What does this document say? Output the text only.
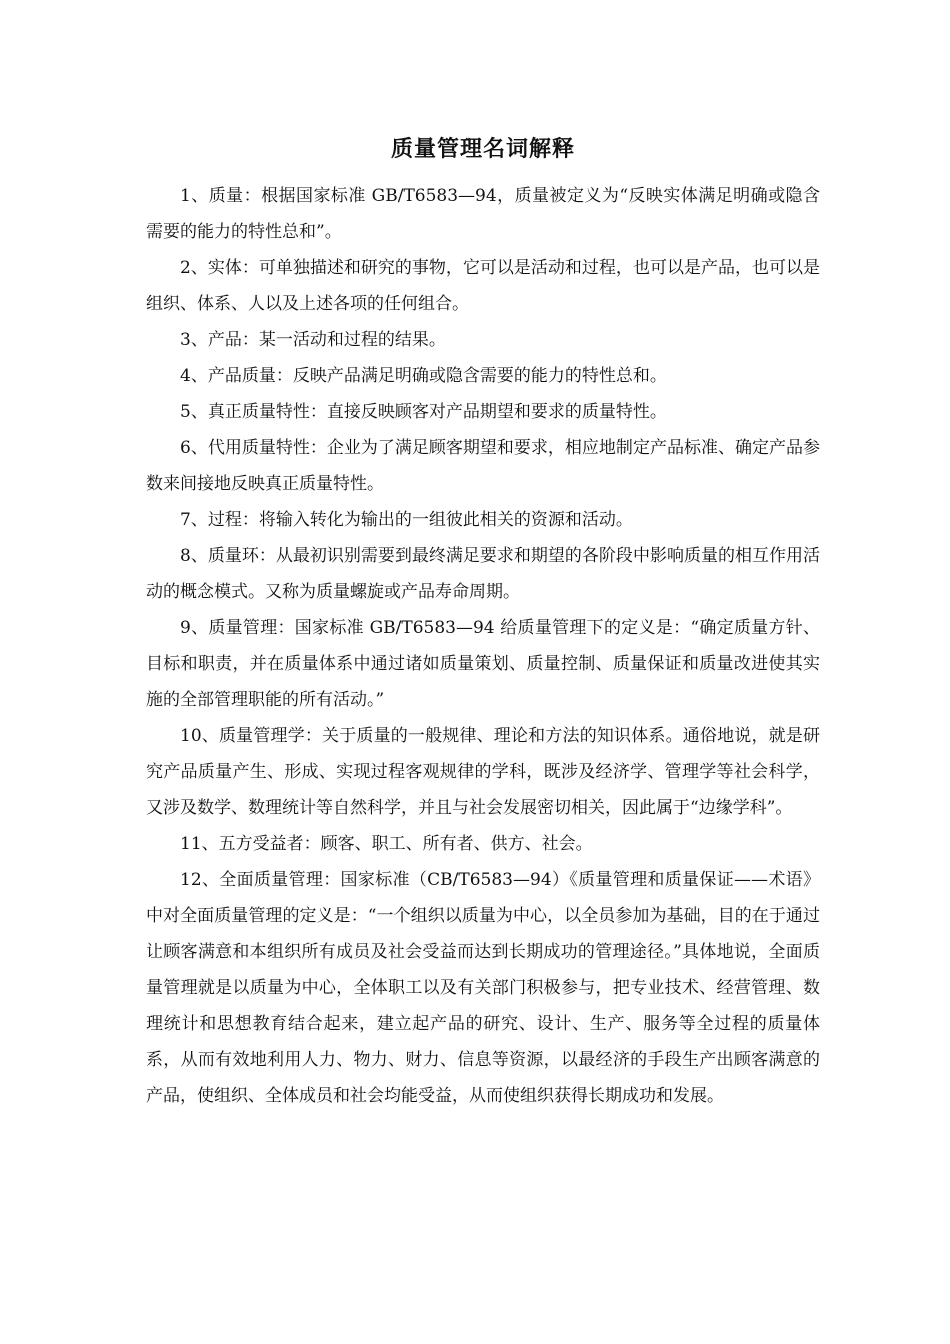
质量管理名词解释

1、质量：根据国家标准 GB/T6583—94，质量被定义为“反映实体满足明确或隐含需要的能力的特性总和”。

2、实体：可单独描述和研究的事物，它可以是活动和过程，也可以是产品，也可以是组织、体系、人以及上述各项的任何组合。

3、产品：某一活动和过程的结果。

4、产品质量：反映产品满足明确或隐含需要的能力的特性总和。

5、真正质量特性：直接反映顾客对产品期望和要求的质量特性。

6、代用质量特性：企业为了满足顾客期望和要求，相应地制定产品标准、确定产品参数来间接地反映真正质量特性。

7、过程：将输入转化为输出的一组彼此相关的资源和活动。

8、质量环：从最初识别需要到最终满足要求和期望的各阶段中影响质量的相互作用活动的概念模式。又称为质量螺旋或产品寿命周期。

9、质量管理：国家标准 GB/T6583—94 给质量管理下的定义是：“确定质量方针、目标和职责，并在质量体系中通过诸如质量策划、质量控制、质量保证和质量改进使其实施的全部管理职能的所有活动。”

10、质量管理学：关于质量的一般规律、理论和方法的知识体系。通俗地说，就是研究产品质量产生、形成、实现过程客观规律的学科，既涉及经济学、管理学等社会科学，又涉及数学、数理统计等自然科学，并且与社会发展密切相关，因此属于“边缘学科”。

11、五方受益者：顾客、职工、所有者、供方、社会。

12、全面质量管理：国家标准（CB/T6583—94）《质量管理和质量保证——术语》中对全面质量管理的定义是：“一个组织以质量为中心，以全员参加为基础，目的在于通过让顾客满意和本组织所有成员及社会受益而达到长期成功的管理途径。”具体地说，全面质量管理就是以质量为中心，全体职工以及有关部门积极参与，把专业技术、经营管理、数理统计和思想教育结合起来，建立起产品的研究、设计、生产、服务等全过程的质量体系，从而有效地利用人力、物力、财力、信息等资源，以最经济的手段生产出顾客满意的产品，使组织、全体成员和社会均能受益，从而使组织获得长期成功和发展。
